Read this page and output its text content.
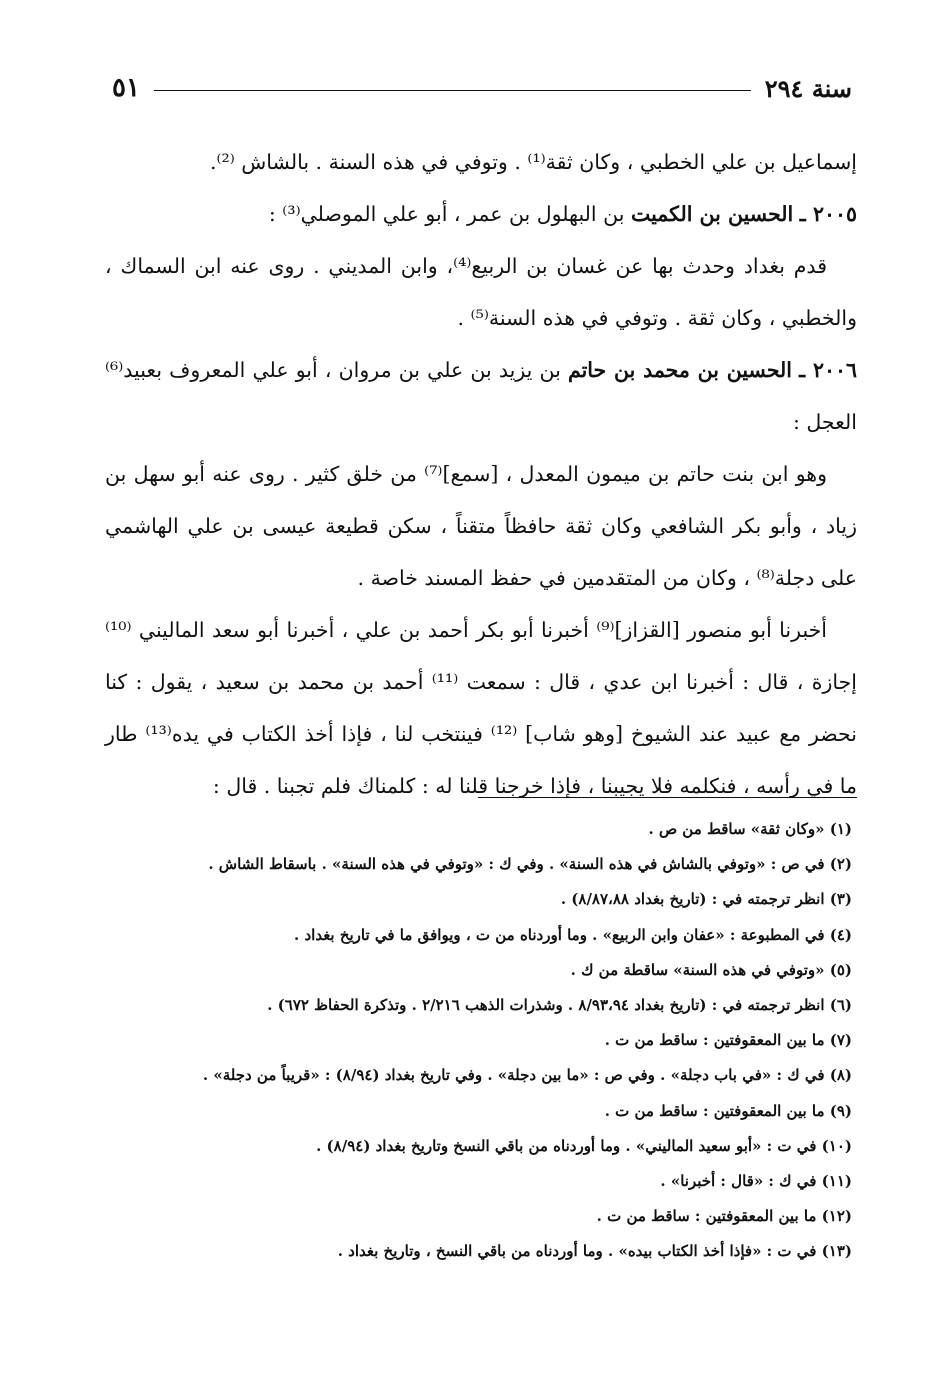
سنة ٢٩٤
٥١

إسماعيل بن علي الخطبي ، وكان ثقة⁽¹⁾ . وتوفي في هذه السنة . بالشاش ⁽²⁾.

٢٠٠٥ ـ الحسين بن الكميت بن البهلول بن عمر ، أبو علي الموصلي⁽³⁾ :

قدم بغداد وحدث بها عن غسان بن الربيع⁽⁴⁾، وابن المديني . روى عنه ابن السماك ، والخطبي ، وكان ثقة . وتوفي في هذه السنة⁽⁵⁾ .

٢٠٠٦ ـ الحسين بن محمد بن حاتم بن يزيد بن علي بن مروان ، أبو علي المعروف بعبيد⁽⁶⁾ العجل :

وهو ابن بنت حاتم بن ميمون المعدل ، [سمع]⁽⁷⁾ من خلق كثير . روى عنه أبو سهل بن زياد ، وأبو بكر الشافعي وكان ثقة حافظاً متقناً ، سكن قطيعة عيسى بن علي الهاشمي على دجلة⁽⁸⁾ ، وكان من المتقدمين في حفظ المسند خاصة .

أخبرنا أبو منصور [القزاز]⁽⁹⁾ أخبرنا أبو بكر أحمد بن علي ، أخبرنا أبو سعد الماليني ⁽¹⁰⁾ إجازة ، قال : أخبرنا ابن عدي ، قال : سمعت ⁽¹¹⁾ أحمد بن محمد بن سعيد ، يقول : كنا نحضر مع عبيد عند الشيوخ [وهو شاب] ⁽¹²⁾ فينتخب لنا ، فإذا أخذ الكتاب في يده⁽¹³⁾ طار ما في رأسه ، فنكلمه فلا يجيبنا ، فإذا خرجنا قلنا له : كلمناك فلم تجبنا . قال :

(١) «وكان ثقة» ساقط من ص .
(٢) في ص : «وتوفي بالشاش في هذه السنة» . وفي ك : «وتوفي في هذه السنة» . باسقاط الشاش .
(٣) انظر ترجمته في : (تاريخ بغداد ٨/٨٧،٨٨) .
(٤) في المطبوعة : «عفان وابن الربيع» . وما أوردناه من ت ، ويوافق ما في تاريخ بغداد .
(٥) «وتوفي في هذه السنة» ساقطة من ك .
(٦) انظر ترجمته في : (تاريخ بغداد ٨/٩٣،٩٤ . وشذرات الذهب ٢/٢١٦ . وتذكرة الحفاظ ٦٧٢) .
(٧) ما بين المعقوفتين : ساقط من ت .
(٨) في ك : «في باب دجلة» . وفي ص : «ما بين دجلة» . وفي تاريخ بغداد (٨/٩٤) : «قريباً من دجلة» .
(٩) ما بين المعقوفتين : ساقط من ت .
(١٠) في ت : «أبو سعيد الماليني» . وما أوردناه من باقي النسخ وتاريخ بغداد (٨/٩٤) .
(١١) في ك : «قال : أخبرنا» .
(١٢) ما بين المعقوفتين : ساقط من ت .
(١٣) في ت : «فإذا أخذ الكتاب بيده» . وما أوردناه من باقي النسخ ، وتاريخ بغداد .
